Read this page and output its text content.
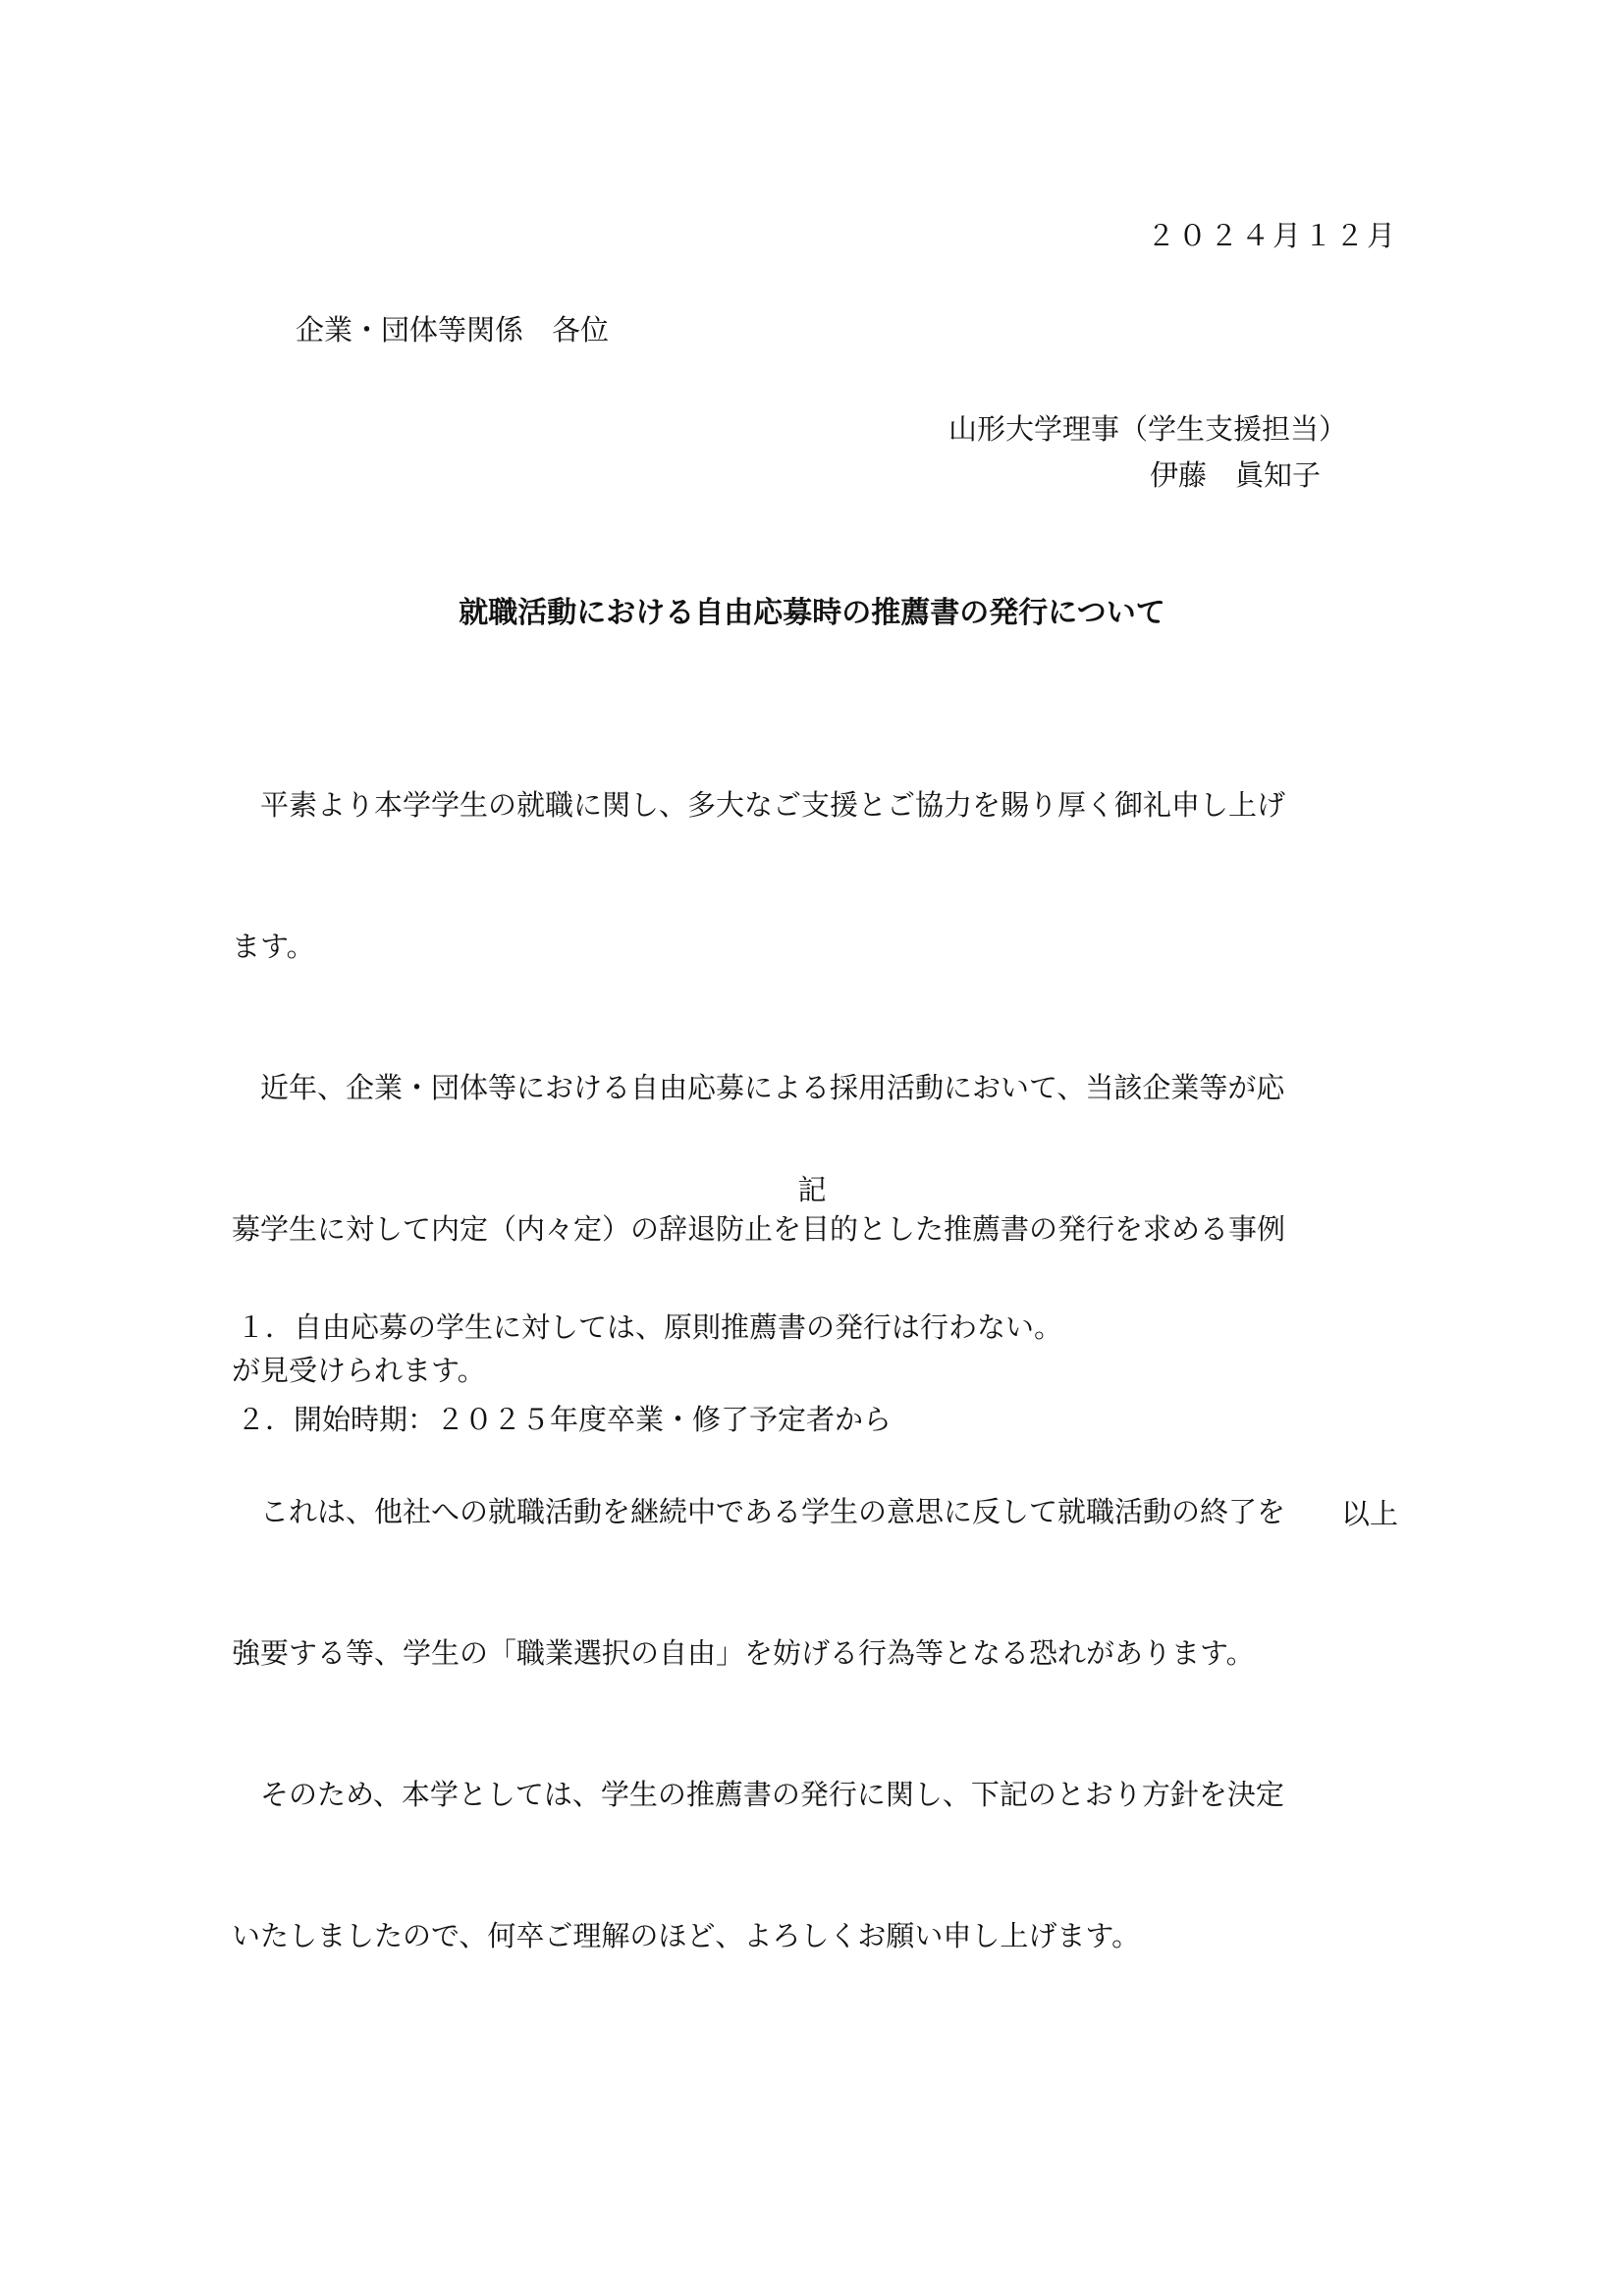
２０２４月１２月
企業・団体等関係　各位
山形大学理事（学生支援担当）
伊藤　眞知子
就職活動における自由応募時の推薦書の発行について

　平素より本学学生の就職に関し、多大なご支援とご協力を賜り厚く御礼申し上げ

ます。

　近年、企業・団体等における自由応募による採用活動において、当該企業等が応

募学生に対して内定（内々定）の辞退防止を目的とした推薦書の発行を求める事例

が見受けられます。

　これは、他社への就職活動を継続中である学生の意思に反して就職活動の終了を

強要する等、学生の「職業選択の自由」を妨げる行為等となる恐れがあります。

　そのため、本学としては、学生の推薦書の発行に関し、下記のとおり方針を決定

いたしましたので、何卒ご理解のほど、よろしくお願い申し上げます。

記
１．自由応募の学生に対しては、原則推薦書の発行は行わない。
２．開始時期：２０２５年度卒業・修了予定者から
以上
